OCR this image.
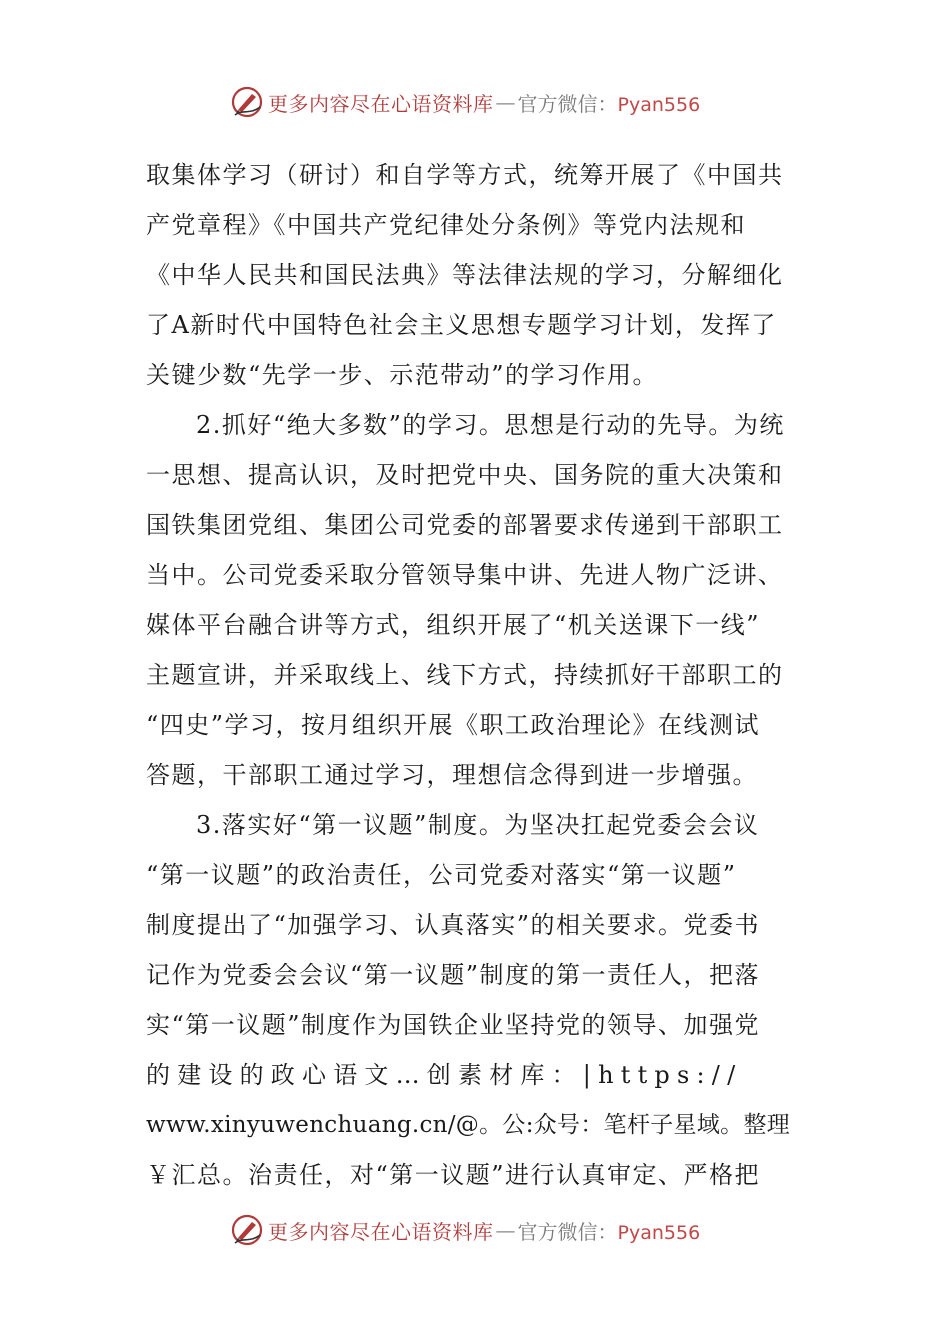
更多内容尽在心语资料库 — 官方微信：Pyan556
取集体学习（研讨）和自学等方式，统筹开展了《中国共
产党章程》《中国共产党纪律处分条例》等党内法规和
《中华人民共和国民法典》等法律法规的学习，分解细化
了A新时代中国特色社会主义思想专题学习计划，发挥了
关键少数“先学一步、示范带动”的学习作用。
2.抓好“绝大多数”的学习。思想是行动的先导。为统
一思想、提高认识，及时把党中央、国务院的重大决策和
国铁集团党组、集团公司党委的部署要求传递到干部职工
当中。公司党委采取分管领导集中讲、先进人物广泛讲、
媒体平台融合讲等方式，组织开展了“机关送课下一线”
主题宣讲，并采取线上、线下方式，持续抓好干部职工的
“四史”学习，按月组织开展《职工政治理论》在线测试
答题，干部职工通过学习，理想信念得到进一步增强。
3.落实好“第一议题”制度。为坚决扛起党委会会议
“第一议题”的政治责任，公司党委对落实“第一议题”
制度提出了“加强学习、认真落实”的相关要求。党委书
记作为党委会会议“第一议题”制度的第一责任人，把落
实“第一议题”制度作为国铁企业坚持党的领导、加强党
的建设的政心语文…创素材库：|https://
www.xinyuwenchuang.cn/@。公:众号：笔杆子星域。整理
￥汇总。治责任，对“第一议题”进行认真审定、严格把
更多内容尽在心语资料库 — 官方微信：Pyan556
